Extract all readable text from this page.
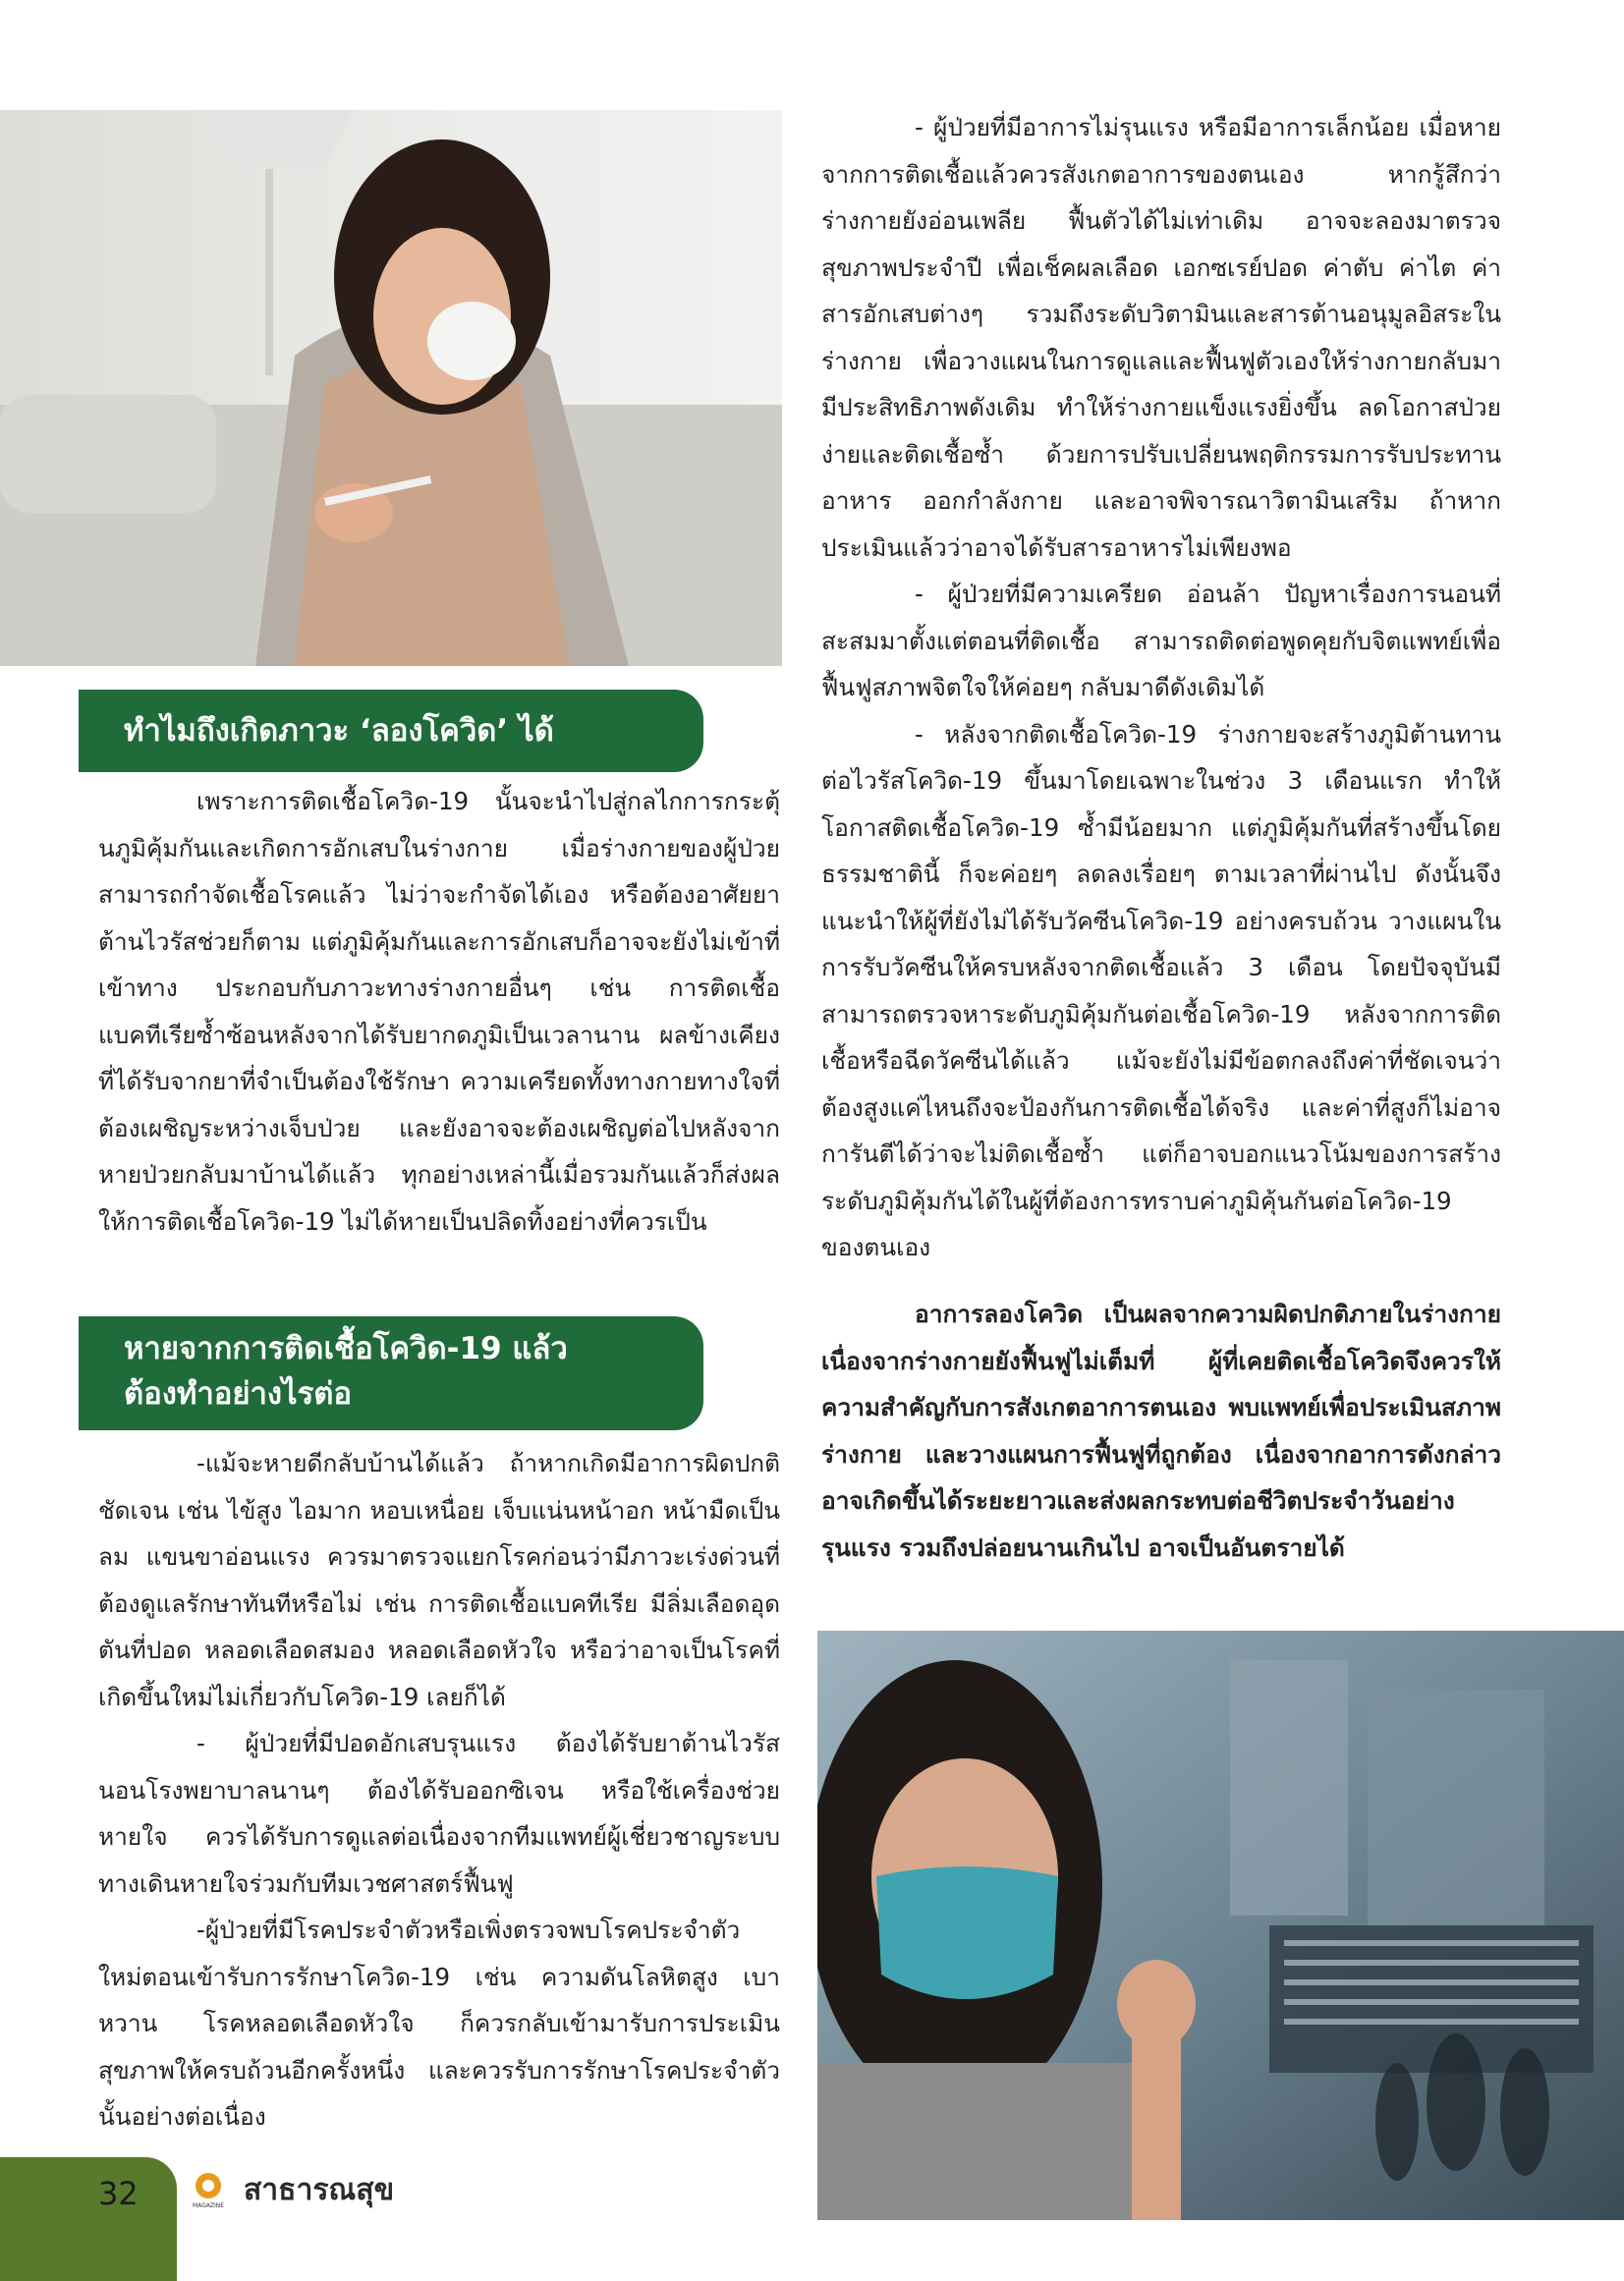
ทำไมถึงเกิดภาวะ ‘ลองโควิด’ ได้

เพราะการติดเชื้อโควิด-19 นั้นจะนำไปสู่กลไกการกระตุ้นภูมิคุ้มกันและเกิดการอักเสบในร่างกาย เมื่อร่างกายของผู้ป่วยสามารถกำจัดเชื้อโรคแล้ว ไม่ว่าจะกำจัดได้เอง หรือต้องอาศัยยาต้านไวรัสช่วยก็ตาม แต่ภูมิคุ้มกันและการอักเสบก็อาจจะยังไม่เข้าที่เข้าทาง ประกอบกับภาวะทางร่างกายอื่นๆ เช่น การติดเชื้อแบคทีเรียซ้ำซ้อนหลังจากได้รับยากดภูมิเป็นเวลานาน ผลข้างเคียงที่ได้รับจากยาที่จำเป็นต้องใช้รักษา ความเครียดทั้งทางกายทางใจที่ต้องเผชิญระหว่างเจ็บป่วย และยังอาจจะต้องเผชิญต่อไปหลังจากหายป่วยกลับมาบ้านได้แล้ว ทุกอย่างเหล่านี้เมื่อรวมกันแล้วก็ส่งผลให้การติดเชื้อโควิด-19 ไม่ได้หายเป็นปลิดทิ้งอย่างที่ควรเป็น

หายจากการติดเชื้อโควิด-19 แล้ว
ต้องทำอย่างไรต่อ

-แม้จะหายดีกลับบ้านได้แล้ว ถ้าหากเกิดมีอาการผิดปกติชัดเจน เช่น ไข้สูง ไอมาก หอบเหนื่อย เจ็บแน่นหน้าอก หน้ามืดเป็นลม แขนขาอ่อนแรง ควรมาตรวจแยกโรคก่อนว่ามีภาวะเร่งด่วนที่ต้องดูแลรักษาทันทีหรือไม่ เช่น การติดเชื้อแบคทีเรีย มีลิ่มเลือดอุดตันที่ปอด หลอดเลือดสมอง หลอดเลือดหัวใจ หรือว่าอาจเป็นโรคที่เกิดขึ้นใหม่ไม่เกี่ยวกับโควิด-19 เลยก็ได้

- ผู้ป่วยที่มีปอดอักเสบรุนแรง ต้องได้รับยาต้านไวรัสนอนโรงพยาบาลนานๆ ต้องได้รับออกซิเจน หรือใช้เครื่องช่วยหายใจ ควรได้รับการดูแลต่อเนื่องจากทีมแพทย์ผู้เชี่ยวชาญระบบทางเดินหายใจร่วมกับทีมเวชศาสตร์ฟื้นฟู

-ผู้ป่วยที่มีโรคประจำตัวหรือเพิ่งตรวจพบโรคประจำตัวใหม่ตอนเข้ารับการรักษาโควิด-19 เช่น ความดันโลหิตสูง เบาหวาน โรคหลอดเลือดหัวใจ ก็ควรกลับเข้ามารับการประเมินสุขภาพให้ครบถ้วนอีกครั้งหนึ่ง และควรรับการรักษาโรคประจำตัวนั้นอย่างต่อเนื่อง

- ผู้ป่วยที่มีอาการไม่รุนแรง หรือมีอาการเล็กน้อย เมื่อหายจากการติดเชื้อแล้วควรสังเกตอาการของตนเอง หากรู้สึกว่าร่างกายยังอ่อนเพลีย ฟื้นตัวได้ไม่เท่าเดิม อาจจะลองมาตรวจสุขภาพประจำปี เพื่อเช็คผลเลือด เอกซเรย์ปอด ค่าตับ ค่าไต ค่าสารอักเสบต่างๆ รวมถึงระดับวิตามินและสารต้านอนุมูลอิสระในร่างกาย เพื่อวางแผนในการดูแลและฟื้นฟูตัวเองให้ร่างกายกลับมามีประสิทธิภาพดังเดิม ทำให้ร่างกายแข็งแรงยิ่งขึ้น ลดโอกาสป่วยง่ายและติดเชื้อซ้ำ ด้วยการปรับเปลี่ยนพฤติกรรมการรับประทานอาหาร ออกกำลังกาย และอาจพิจารณาวิตามินเสริม ถ้าหากประเมินแล้วว่าอาจได้รับสารอาหารไม่เพียงพอ

- ผู้ป่วยที่มีความเครียด อ่อนล้า ปัญหาเรื่องการนอนที่สะสมมาตั้งแต่ตอนที่ติดเชื้อ สามารถติดต่อพูดคุยกับจิตแพทย์เพื่อฟื้นฟูสภาพจิตใจให้ค่อยๆ กลับมาดีดังเดิมได้

- หลังจากติดเชื้อโควิด-19 ร่างกายจะสร้างภูมิต้านทานต่อไวรัสโควิด-19 ขึ้นมาโดยเฉพาะในช่วง 3 เดือนแรก ทำให้โอกาสติดเชื้อโควิด-19 ซ้ำมีน้อยมาก แต่ภูมิคุ้มกันที่สร้างขึ้นโดยธรรมชาตินี้ ก็จะค่อยๆ ลดลงเรื่อยๆ ตามเวลาที่ผ่านไป ดังนั้นจึงแนะนำให้ผู้ที่ยังไม่ได้รับวัคซีนโควิด-19 อย่างครบถ้วน วางแผนในการรับวัคซีนให้ครบหลังจากติดเชื้อแล้ว 3 เดือน โดยปัจจุบันมีสามารถตรวจหาระดับภูมิคุ้มกันต่อเชื้อโควิด-19 หลังจากการติดเชื้อหรือฉีดวัคซีนได้แล้ว แม้จะยังไม่มีข้อตกลงถึงค่าที่ชัดเจนว่าต้องสูงแค่ไหนถึงจะป้องกันการติดเชื้อได้จริง และค่าที่สูงก็ไม่อาจการันตีได้ว่าจะไม่ติดเชื้อซ้ำ แต่ก็อาจบอกแนวโน้มของการสร้างระดับภูมิคุ้มกันได้ในผู้ที่ต้องการทราบค่าภูมิคุ้นกันต่อโควิด-19 ของตนเอง

อาการลองโควิด เป็นผลจากความผิดปกติภายในร่างกาย เนื่องจากร่างกายยังฟื้นฟูไม่เต็มที่ ผู้ที่เคยติดเชื้อโควิดจึงควรให้ความสำคัญกับการสังเกตอาการตนเอง พบแพทย์เพื่อประเมินสภาพร่างกาย และวางแผนการฟื้นฟูที่ถูกต้อง เนื่องจากอาการดังกล่าวอาจเกิดขึ้นได้ระยะยาวและส่งผลกระทบต่อชีวิตประจำวันอย่างรุนแรง รวมถึงปล่อยนานเกินไป อาจเป็นอันตรายได้

32	MAGAZINE สาธารณสุข
